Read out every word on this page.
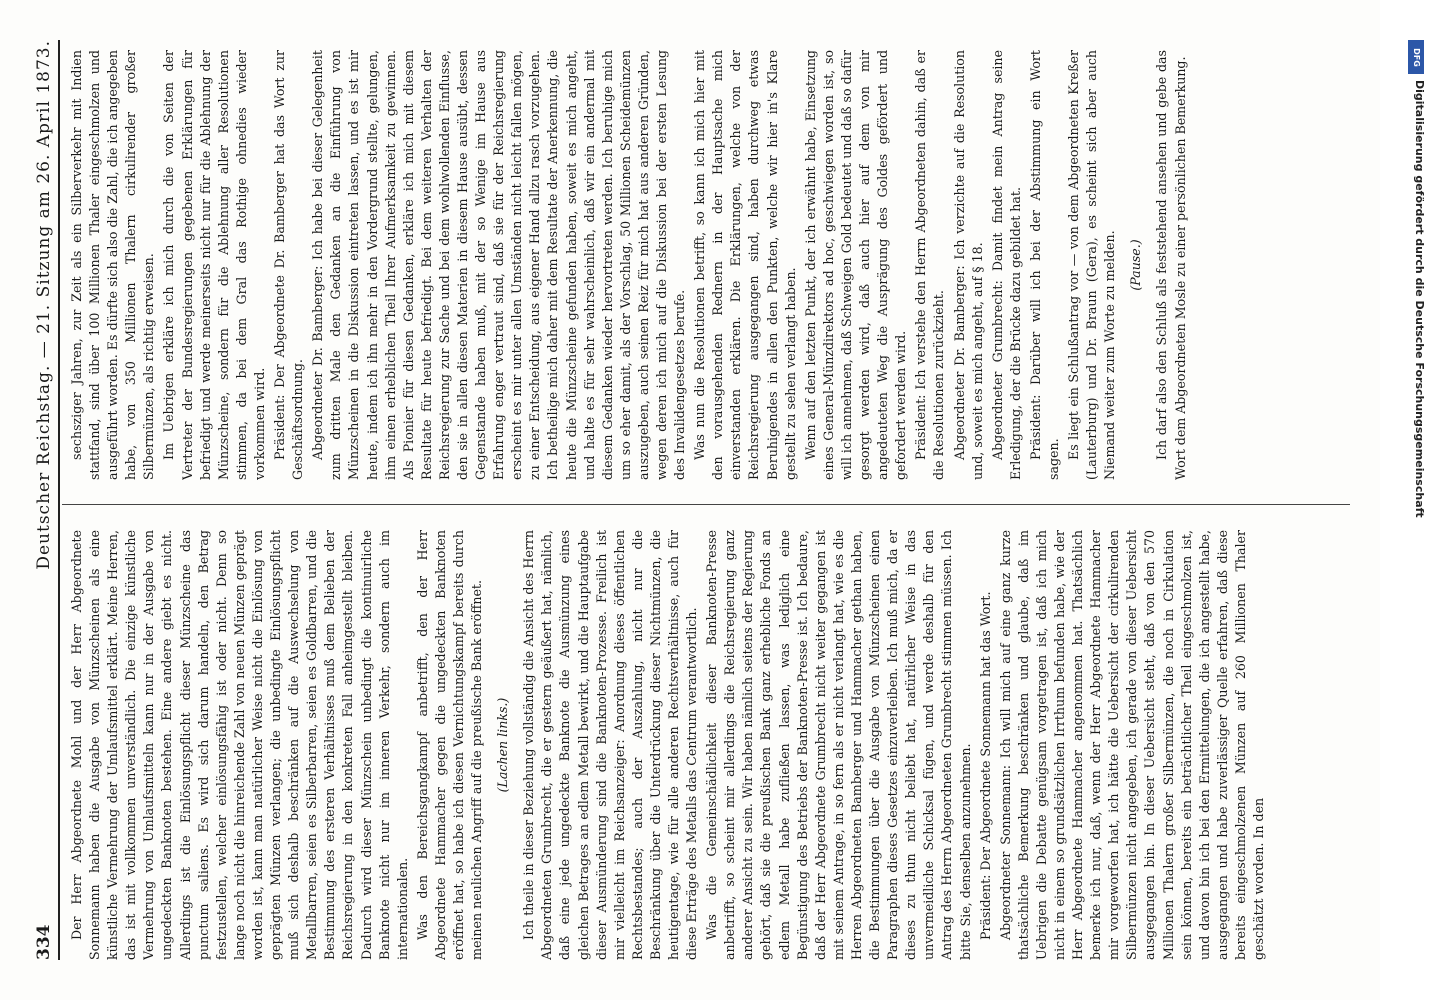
334
Deutscher Reichstag. — 21. Sitzung am 26. April 1873.

Der Herr Abgeordnete Mohl und der Herr Abgeordnete Sonnemann haben die Ausgabe von Münzscheinen als eine künstliche Vermehrung der Umlaufsmittel erklärt. Meine Herren, das ist mit vollkommen unverständlich. Die einzige künstliche Vermehrung von Umlaufsmitteln kann nur in der Ausgabe von ungedeckten Banknoten bestehen. Eine andere giebt es nicht. Allerdings ist die Einlösungspflicht dieser Münzscheine das punctum saliens. Es wird sich darum handeln, den Betrag festzustellen, welcher einlösungsfähig ist oder nicht. Denn so lange noch nicht die hinreichende Zahl von neuen Münzen geprägt worden ist, kann man natürlicher Weise nicht die Einlösung von geprägten Münzen verlangen; die unbedingte Einlösungspflicht muß sich deshalb beschränken auf die Auswechselung von Metallbarren, seien es Silberbarren, seien es Goldbarren, und die Bestimmung des ersteren Verhältnisses muß dem Belieben der Reichsregierung in den konkreten Fall anheimgestellt bleiben. Dadurch wird dieser Münzschein unbedingt die kontinuirliche Banknote nicht nur im inneren Verkehr, sondern auch im internationalen. Was den Bereichsgangkampf anbetrifft, den der Herr Abgeordnete Hammacher gegen die ungedeckten Banknoten eröffnet hat, so habe ich diesen Vernichtungskampf bereits durch meinen neulichen Angriff auf die preußische Bank eröffnet. (Lachen links.) Ich theile in dieser Beziehung vollständig die Ansicht des Herrn Abgeordneten Grumbrecht, die er gestern geäußert hat, nämlich, daß eine jede ungedeckte Banknote die Ausmünzung eines gleichen Betrages an edlem Metall bewirkt, und die Hauptaufgabe dieser Ausmünderung sind die Banknoten-Prozesse. Freilich ist mir vielleicht im Reichsanzeiger: Anordnung dieses öffentlichen Rechtsbestandes; auch der Auszahlung, nicht nur die Beschränkung über die Unterdrückung dieser Nichtmünzen, die heutigentage, wie für alle anderen Rechtsverhältnisse, auch für diese Erträge des Metalls das Centrum verantwortlich. Was die Gemeinschädlichkeit dieser Banknoten-Presse anbetrifft, so scheint mir allerdings die Reichsregierung ganz anderer Ansicht zu sein. Wir haben nämlich seitens der Regierung gehört, daß sie die preußischen Bank ganz erhebliche Fonds an edlem Metall habe zufließen lassen, was lediglich eine Begünstigung des Betriebs der Banknoten-Presse ist. Ich bedaure, daß der Herr Abgeordnete Grumbrecht nicht weiter gegangen ist mit seinem Antrage, in so fern als er nicht verlangt hat, wie es die Herren Abgeordneten Bamberger und Hammacher gethan haben, die Bestimmungen über die Ausgabe von Münzscheinen einen Paragraphen dieses Gesetzes einzuverleiben. Ich muß mich, da er dieses zu thun nicht beliebt hat, natürlicher Weise in das unvermeidliche Schicksal fügen, und werde deshalb für den Antrag des Herrn Abgeordneten Grumbrecht stimmen müssen. Ich bitte Sie, denselben anzunehmen. Präsident: Der Abgeordnete Sonnemann hat das Wort. Abgeordneter Sonnemann: Ich will mich auf eine ganz kurze thatsächliche Bemerkung beschränken und glaube, daß im Uebrigen die Debatte genügsam vorgetragen ist, daß ich mich nicht in einem so grundsätzlichen Irrthum befunden habe, wie der Herr Abgeordnete Hammacher angenommen hat. Thatsächlich bemerke ich nur, daß, wenn der Herr Abgeordnete Hammacher mir vorgeworfen hat, ich hätte die Uebersicht der cirkulirenden Silbermünzen nicht angegeben, ich gerade von dieser Uebersicht ausgegangen bin. In dieser Uebersicht steht, daß von den 570 Millionen Thalern großer Silbermünzen, die noch in Cirkulation sein können, bereits ein beträchtlicher Theil eingeschmolzen ist, und davon bin ich bei den Ermittelungen, die ich angestellt habe, ausgegangen und habe zuverlässiger Quelle erfahren, daß diese bereits eingeschmolzenen Münzen auf 260 Millionen Thaler geschätzt worden. In den

sechsziger Jahren, zur Zeit als ein Silberverkehr mit Indien stattfand, sind über 100 Millionen Thaler eingeschmolzen und ausgeführt worden. Es dürfte sich also die Zahl, die ich angegeben habe, von 350 Millionen Thalern cirkulirender großer Silbermünzen, als richtig erweisen. Im Uebrigen erkläre ich mich durch die von Seiten der Vertreter der Bundesregierungen gegebenen Erklärungen für befriedigt und werde meinerseits nicht nur für die Ablehnung der Münzscheine, sondern für die Ablehnung aller Resolutionen stimmen, da bei dem Gral das Rothige ohnedies wieder vorkommen wird. Präsident: Der Abgeordnete Dr. Bamberger hat das Wort zur Geschäftsordnung. Abgeordneter Dr. Bamberger: Ich habe bei dieser Gelegenheit zum dritten Male den Gedanken an die Einführung von Münzscheinen in die Diskussion eintreten lassen, und es ist mir heute, indem ich ihn mehr in den Vordergrund stellte, gelungen, ihm einen erheblichen Theil Ihrer Aufmerksamkeit zu gewinnen. Als Pionier für diesen Gedanken, erkläre ich mich mit diesem Resultate für heute befriedigt. Bei dem weiteren Verhalten der Reichsregierung zur Sache und bei dem wohlwollenden Einflusse, den sie in allen diesen Materien in diesem Hause ausübt, dessen Gegenstande haben muß, mit der so Wenige im Hause aus Erfahrung enger vertraut sind, daß sie für der Reichsregierung erscheint es mir unter allen Umständen nicht leicht fallen mögen, zu einer Entscheidung, aus eigener Hand allzu rasch vorzugehen. Ich betheilige mich daher mit dem Resultate der Anerkennung, die heute die Münzscheine gefunden haben, soweit es mich angeht, und halte es für sehr wahrscheinlich, daß wir ein andermal mit diesem Gedanken wieder hervortreten werden. Ich beruhige mich um so eher damit, als der Vorschlag, 50 Millionen Scheidemünzen auszugeben, auch seinen Reiz für mich hat aus anderen Gründen, wegen deren ich mich auf die Diskussion bei der ersten Lesung des Invalidengesetzes berufe. Was nun die Resolutionen betrifft, so kann ich mich hier mit den vorausgehenden Rednern in der Hauptsache mich einverstanden erklären. Die Erklärungen, welche von der Reichsregierung ausgegangen sind, haben durchweg etwas Beruhigendes in allen den Punkten, welche wir hier in's Klare gestellt zu sehen verlangt haben. Wenn auf den letzten Punkt, der ich erwähnt habe, Einsetzung eines General-Münzdirektors ad hoc, geschwiegen worden ist, so will ich annehmen, daß Schweigen Gold bedeutet und daß so dafür gesorgt werden wird, daß auch hier auf dem von mir angedeuteten Weg die Ausprägung des Goldes gefördert und gefordert werden wird. Präsident: Ich verstehe den Herrn Abgeordneten dahin, daß er die Resolutionen zurückzieht. Abgeordneter Dr. Bamberger: Ich verzichte auf die Resolution und, soweit es mich angeht, auf § 18. Abgeordneter Grumbrecht: Damit findet mein Antrag seine Erledigung, der die Brücke dazu gebildet hat. Präsident: Darüber will ich bei der Abstimmung ein Wort sagen. Es liegt ein Schlußantrag vor — von dem Abgeordneten Kreßer (Lauterburg) und Dr. Braun (Gera), es scheint sich aber auch Niemand weiter zum Worte zu melden. (Pause.) Ich darf also den Schluß als feststehend ansehen und gebe das Wort dem Abgeordneten Mosle zu einer persönlichen Bemerkung.	DFG
Digitalisierung gefördert durch die Deutsche Forschungsgemeinschaft
